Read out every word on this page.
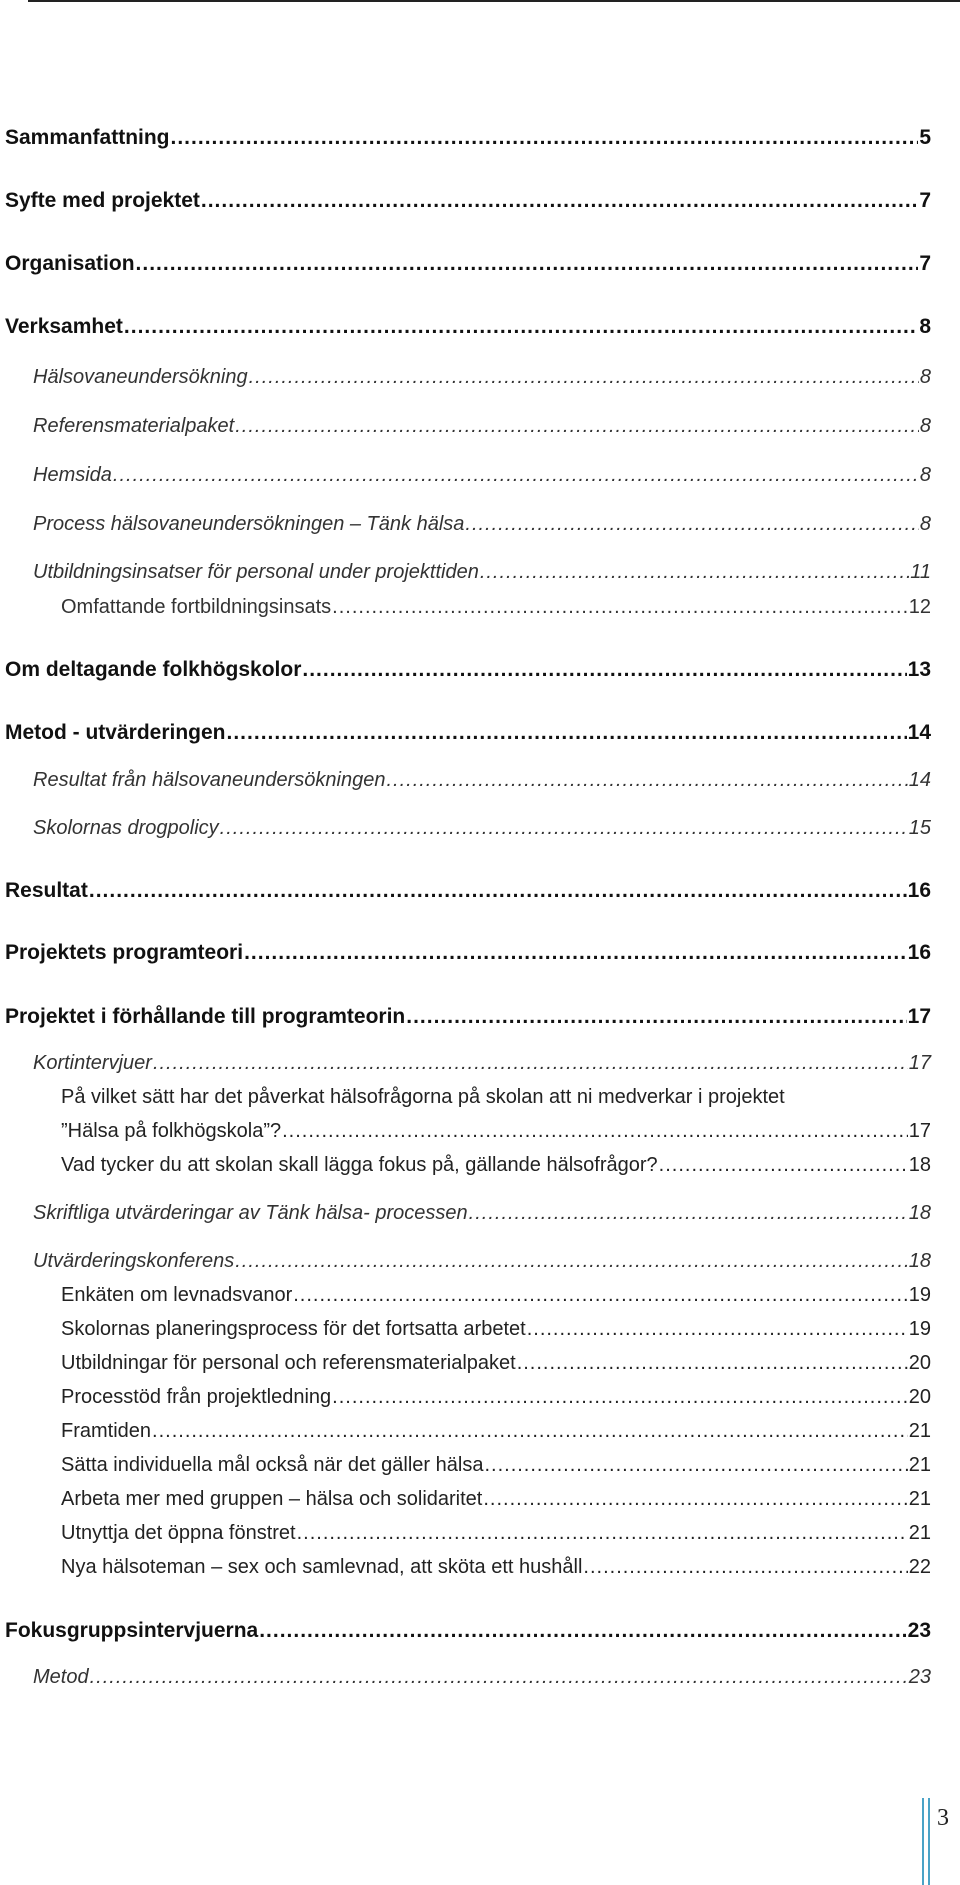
Sammanfattning .....	5
Syfte med projektet .....	7
Organisation .....	7
Verksamhet .....	8
Hälsovaneundersökning .....	8
Referensmaterialpaket .....	8
Hemsida .....	8
Process hälsovaneundersökningen – Tänk hälsa .....	8
Utbildningsinsatser för personal under projekttiden .....	11
Omfattande fortbildningsinsats .....	12
Om deltagande folkhögskolor .....	13
Metod - utvärderingen .....	14
Resultat från hälsovaneundersökningen .....	14
Skolornas drogpolicy .....	15
Resultat .....	16
Projektets programteori .....	16
Projektet i förhållande till programteorin .....	17
Kortintervjuer .....	17
På vilket sätt har det påverkat hälsofrågorna på skolan att ni medverkar i projektet
”Hälsa på folkhögskola”? .....	17
Vad tycker du att skolan skall lägga fokus på, gällande hälsofrågor? .....	18
Skriftliga utvärderingar av Tänk hälsa- processen .....	18
Utvärderingskonferens .....	18
Enkäten om levnadsvanor .....	19
Skolornas planeringsprocess för det fortsatta arbetet .....	19
Utbildningar för personal och referensmaterialpaket .....	20
Processtöd från projektledning .....	20
Framtiden .....	21
Sätta individuella mål också när det gäller hälsa .....	21
Arbeta mer med gruppen – hälsa och solidaritet .....	21
Utnyttja det öppna fönstret .....	21
Nya hälsoteman – sex och samlevnad, att sköta ett hushåll .....	22
Fokusgruppsintervjuerna .....	23
Metod .....	23
3
